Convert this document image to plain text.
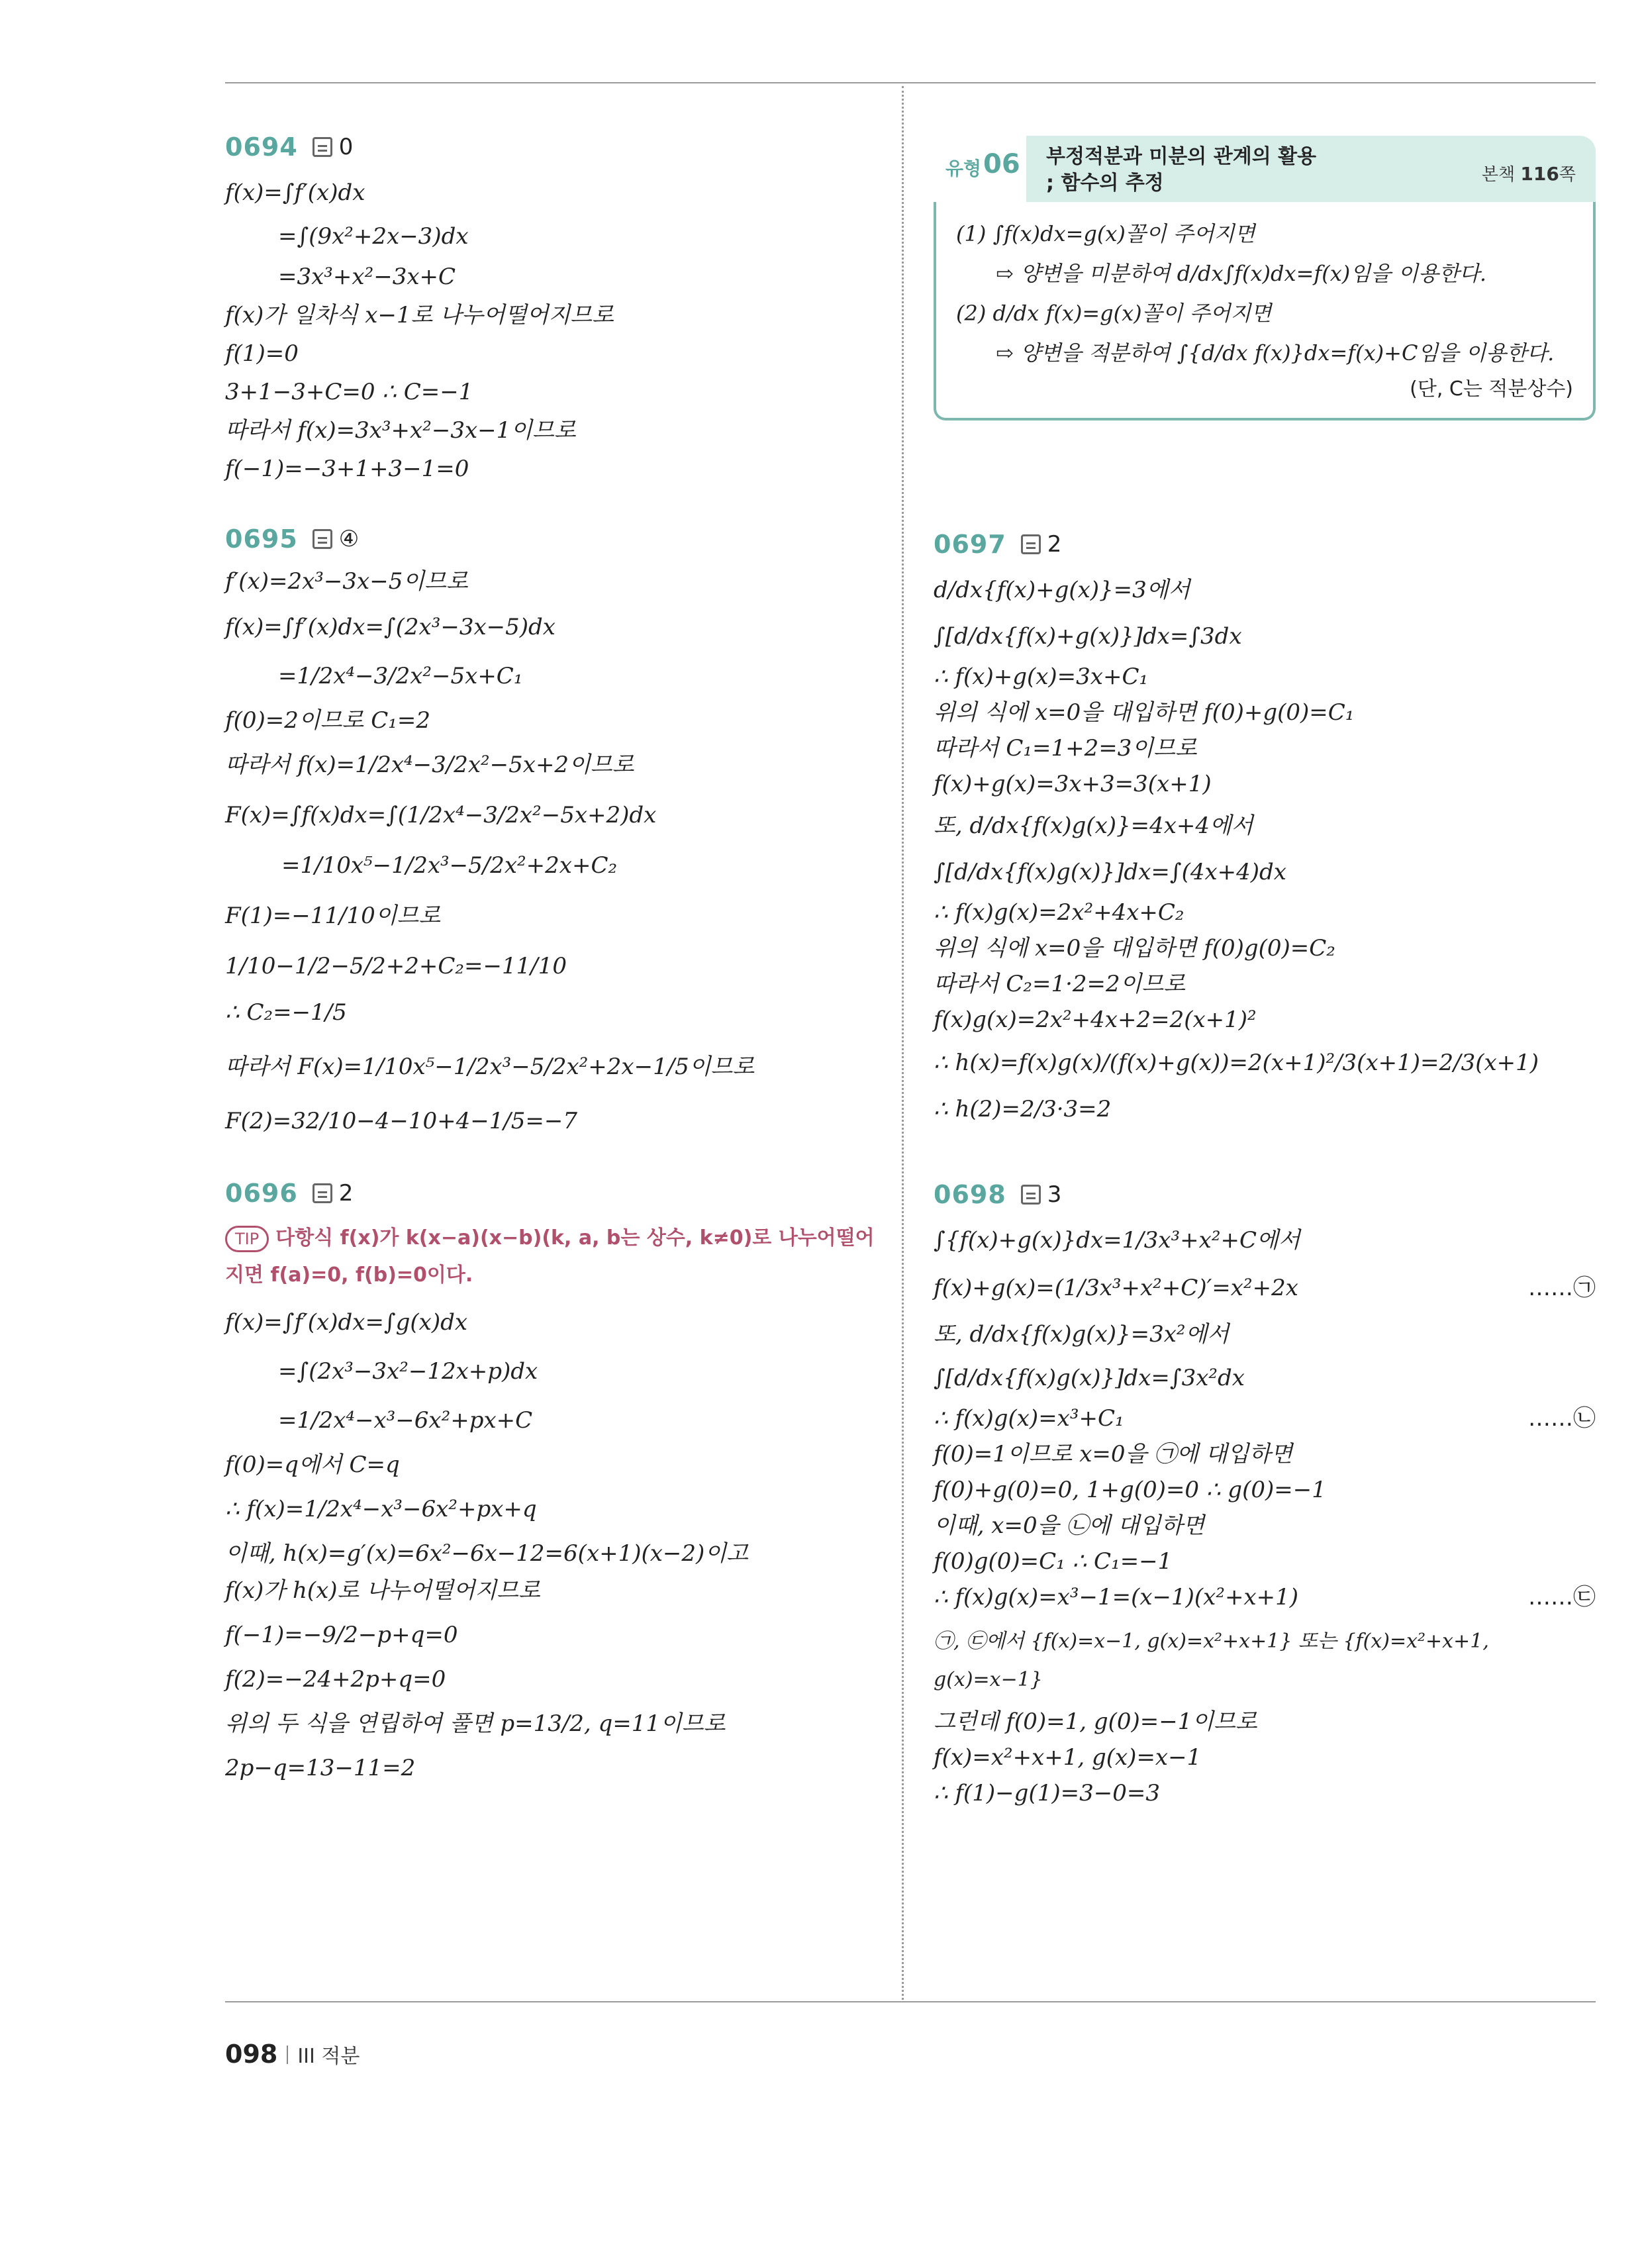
0694 0
f(x)=∫f′(x)dx
=∫(9x²+2x−3)dx
=3x³+x²−3x+C
f(x)가 일차식 x−1로 나누어떨어지므로
f(1)=0
3+1−3+C=0 ∴ C=−1
따라서 f(x)=3x³+x²−3x−1이므로
f(−1)=−3+1+3−1=0
0695 ④
f′(x)=2x³−3x−5이므로
f(x)=∫f′(x)dx=∫(2x³−3x−5)dx
=1/2x⁴−3/2x²−5x+C₁
f(0)=2이므로 C₁=2
따라서 f(x)=1/2x⁴−3/2x²−5x+2이므로
F(x)=∫f(x)dx=∫(1/2x⁴−3/2x²−5x+2)dx
=1/10x⁵−1/2x³−5/2x²+2x+C₂
F(1)=−11/10이므로
1/10−1/2−5/2+2+C₂=−11/10
∴ C₂=−1/5
따라서 F(x)=1/10x⁵−1/2x³−5/2x²+2x−1/5이므로
F(2)=32/10−4−10+4−1/5=−7
0696 2
TIP 다항식 f(x)가 k(x−a)(x−b)(k, a, b는 상수, k≠0)로 나누어떨어
지면 f(a)=0, f(b)=0이다.
f(x)=∫f′(x)dx=∫g(x)dx
=∫(2x³−3x²−12x+p)dx
=1/2x⁴−x³−6x²+px+C
f(0)=q에서 C=q
∴ f(x)=1/2x⁴−x³−6x²+px+q
이때, h(x)=g′(x)=6x²−6x−12=6(x+1)(x−2)이고
f(x)가 h(x)로 나누어떨어지므로
f(−1)=−9/2−p+q=0
f(2)=−24+2p+q=0
위의 두 식을 연립하여 풀면 p=13/2, q=11이므로
2p−q=13−11=2
유형 06 부정적분과 미분의 관계의 활용
; 함수의 추정	본책 116쪽
(1) ∫f(x)dx=g(x)꼴이 주어지면
⇨ 양변을 미분하여 d/dx∫f(x)dx=f(x)임을 이용한다.
(2) d/dx f(x)=g(x)꼴이 주어지면
⇨ 양변을 적분하여 ∫{d/dx f(x)}dx=f(x)+C임을 이용한다.
(단, C는 적분상수)
0697 2
d/dx{f(x)+g(x)}=3에서
∫[d/dx{f(x)+g(x)}]dx=∫3dx
∴ f(x)+g(x)=3x+C₁
위의 식에 x=0을 대입하면 f(0)+g(0)=C₁
따라서 C₁=1+2=3이므로
f(x)+g(x)=3x+3=3(x+1)
또, d/dx{f(x)g(x)}=4x+4에서
∫[d/dx{f(x)g(x)}]dx=∫(4x+4)dx
∴ f(x)g(x)=2x²+4x+C₂
위의 식에 x=0을 대입하면 f(0)g(0)=C₂
따라서 C₂=1·2=2이므로
f(x)g(x)=2x²+4x+2=2(x+1)²
∴ h(x)=f(x)g(x)/(f(x)+g(x))=2(x+1)²/3(x+1)=2/3(x+1)
∴ h(2)=2/3·3=2
0698 3
∫{f(x)+g(x)}dx=1/3x³+x²+C에서
f(x)+g(x)=(1/3x³+x²+C)′=x²+2x	……㉠
또, d/dx{f(x)g(x)}=3x²에서
∫[d/dx{f(x)g(x)}]dx=∫3x²dx
∴ f(x)g(x)=x³+C₁	……㉡
f(0)=1이므로 x=0을 ㉠에 대입하면
f(0)+g(0)=0, 1+g(0)=0 ∴ g(0)=−1
이때, x=0을 ㉡에 대입하면
f(0)g(0)=C₁ ∴ C₁=−1
∴ f(x)g(x)=x³−1=(x−1)(x²+x+1)	……㉢
㉠, ㉢에서 {f(x)=x−1, g(x)=x²+x+1} 또는 {f(x)=x²+x+1, g(x)=x−1}
그런데 f(0)=1, g(0)=−1이므로
f(x)=x²+x+1, g(x)=x−1
∴ f(1)−g(1)=3−0=3
098 III 적분
